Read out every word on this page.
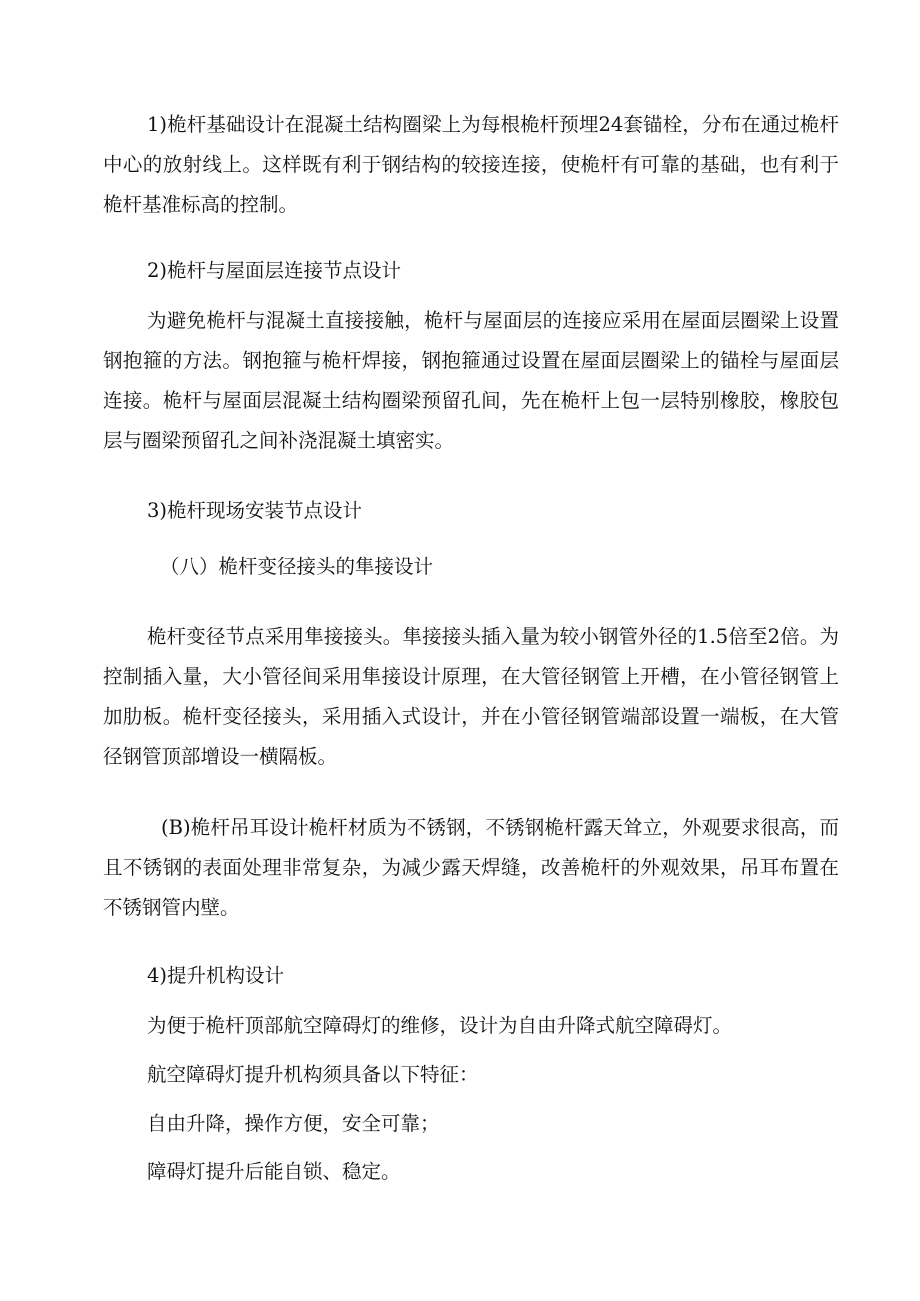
1)桅杆基础设计在混凝土结构圈梁上为每根桅杆预埋24套锚栓，分布在通过桅杆中心的放射线上。这样既有利于钢结构的较接连接，使桅杆有可靠的基础，也有利于桅杆基准标高的控制。

2)桅杆与屋面层连接节点设计

为避免桅杆与混凝土直接接触，桅杆与屋面层的连接应采用在屋面层圈梁上设置钢抱箍的方法。钢抱箍与桅杆焊接，钢抱箍通过设置在屋面层圈梁上的锚栓与屋面层连接。桅杆与屋面层混凝土结构圈梁预留孔间，先在桅杆上包一层特别橡胶，橡胶包层与圈梁预留孔之间补浇混凝土填密实。

3)桅杆现场安装节点设计

（八）桅杆变径接头的隼接设计

桅杆变径节点采用隼接接头。隼接接头插入量为较小钢管外径的1.5倍至2倍。为控制插入量，大小管径间采用隼接设计原理，在大管径钢管上开槽，在小管径钢管上加肋板。桅杆变径接头，采用插入式设计，并在小管径钢管端部设置一端板，在大管径钢管顶部增设一横隔板。

(B)桅杆吊耳设计桅杆材质为不锈钢，不锈钢桅杆露天耸立，外观要求很高，而且不锈钢的表面处理非常复杂，为减少露天焊缝，改善桅杆的外观效果，吊耳布置在不锈钢管内壁。

4)提升机构设计

为便于桅杆顶部航空障碍灯的维修，设计为自由升降式航空障碍灯。

航空障碍灯提升机构须具备以下特征：

自由升降，操作方便，安全可靠；

障碍灯提升后能自锁、稳定。
